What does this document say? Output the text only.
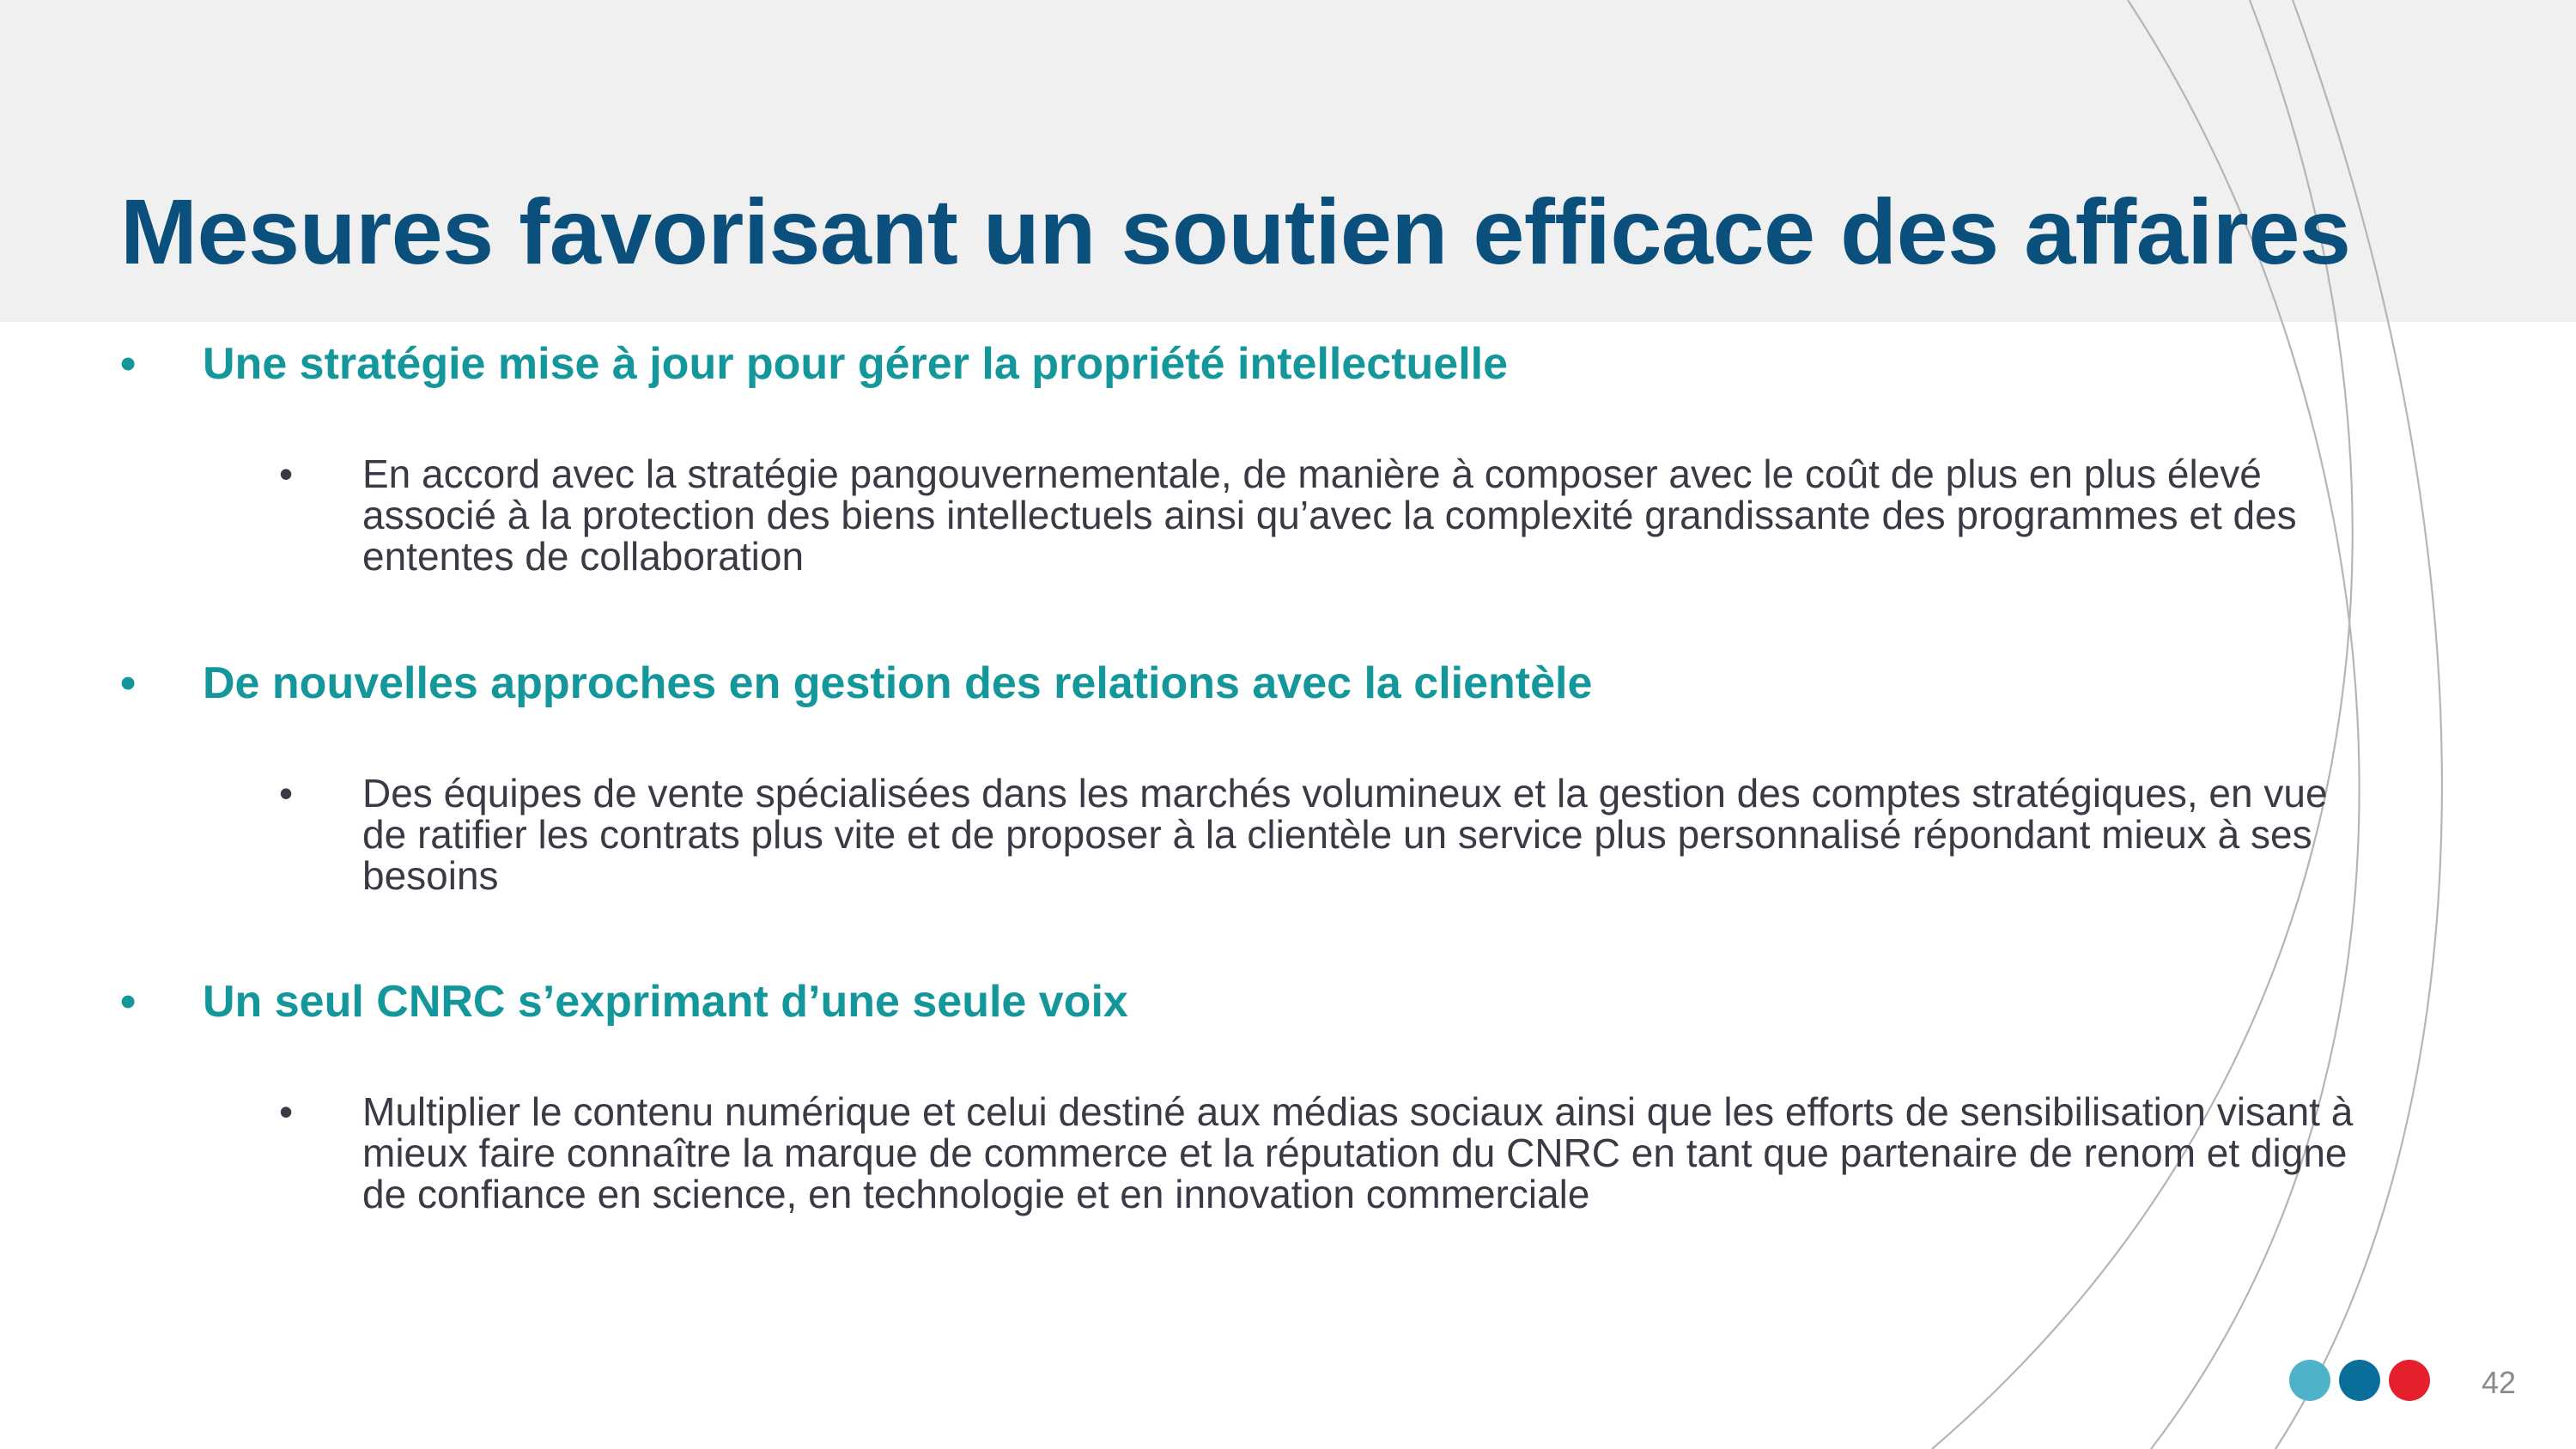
Mesures favorisant un soutien efficace des affaires
• Une stratégie mise à jour pour gérer la propriété intellectuelle
• En accord avec la stratégie pangouvernementale, de manière à composer avec le coût de plus en plus élevé associé à la protection des biens intellectuels ainsi qu’avec la complexité grandissante des programmes et des ententes de collaboration
• De nouvelles approches en gestion des relations avec la clientèle
• Des équipes de vente spécialisées dans les marchés volumineux et la gestion des comptes stratégiques, en vue de ratifier les contrats plus vite et de proposer à la clientèle un service plus personnalisé répondant mieux à ses besoins
• Un seul CNRC s’exprimant d’une seule voix
• Multiplier le contenu numérique et celui destiné aux médias sociaux ainsi que les efforts de sensibilisation visant à mieux faire connaître la marque de commerce et la réputation du CNRC en tant que partenaire de renom et digne de confiance en science, en technologie et en innovation commerciale
42
